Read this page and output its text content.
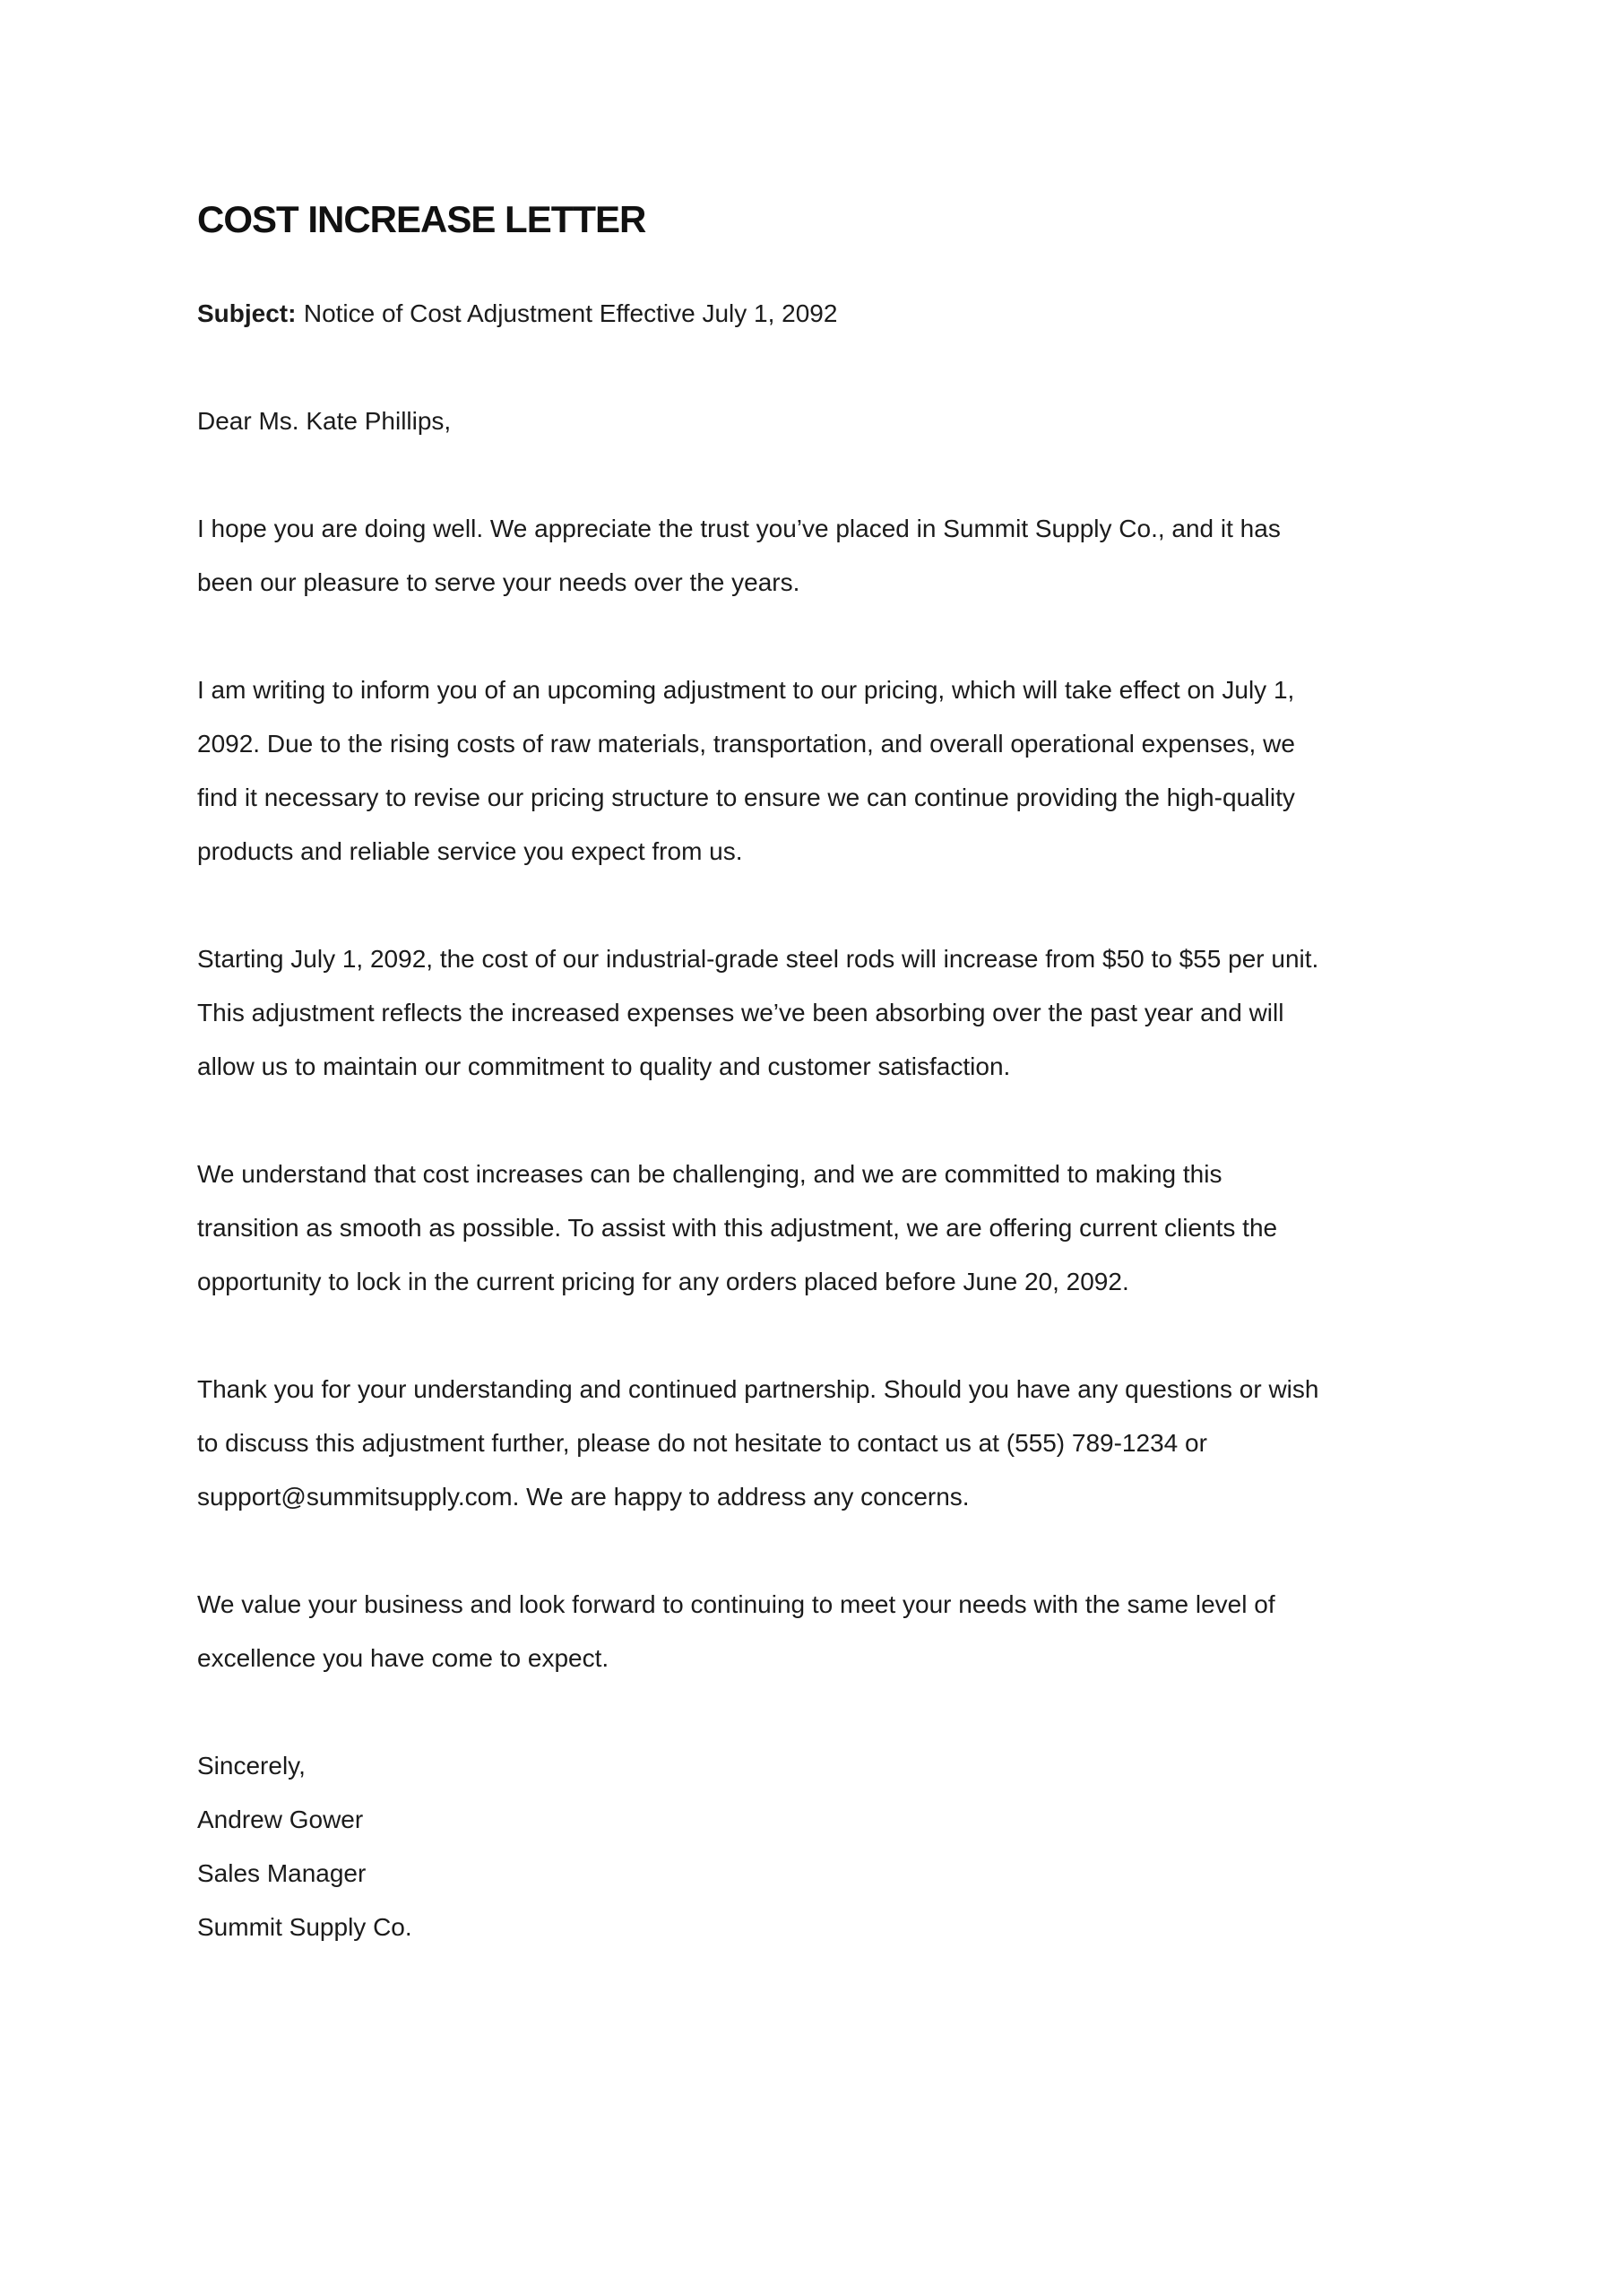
COST INCREASE LETTER

Subject: Notice of Cost Adjustment Effective July 1, 2092

Dear Ms. Kate Phillips,

I hope you are doing well. We appreciate the trust you’ve placed in Summit Supply Co., and it has
been our pleasure to serve your needs over the years.

I am writing to inform you of an upcoming adjustment to our pricing, which will take effect on July 1,
2092. Due to the rising costs of raw materials, transportation, and overall operational expenses, we
find it necessary to revise our pricing structure to ensure we can continue providing the high-quality
products and reliable service you expect from us.

Starting July 1, 2092, the cost of our industrial-grade steel rods will increase from $50 to $55 per unit.
This adjustment reflects the increased expenses we’ve been absorbing over the past year and will
allow us to maintain our commitment to quality and customer satisfaction.

We understand that cost increases can be challenging, and we are committed to making this
transition as smooth as possible. To assist with this adjustment, we are offering current clients the
opportunity to lock in the current pricing for any orders placed before June 20, 2092.

Thank you for your understanding and continued partnership. Should you have any questions or wish
to discuss this adjustment further, please do not hesitate to contact us at (555) 789-1234 or
support@summitsupply.com. We are happy to address any concerns.

We value your business and look forward to continuing to meet your needs with the same level of
excellence you have come to expect.

Sincerely,

Andrew Gower

Sales Manager

Summit Supply Co.
